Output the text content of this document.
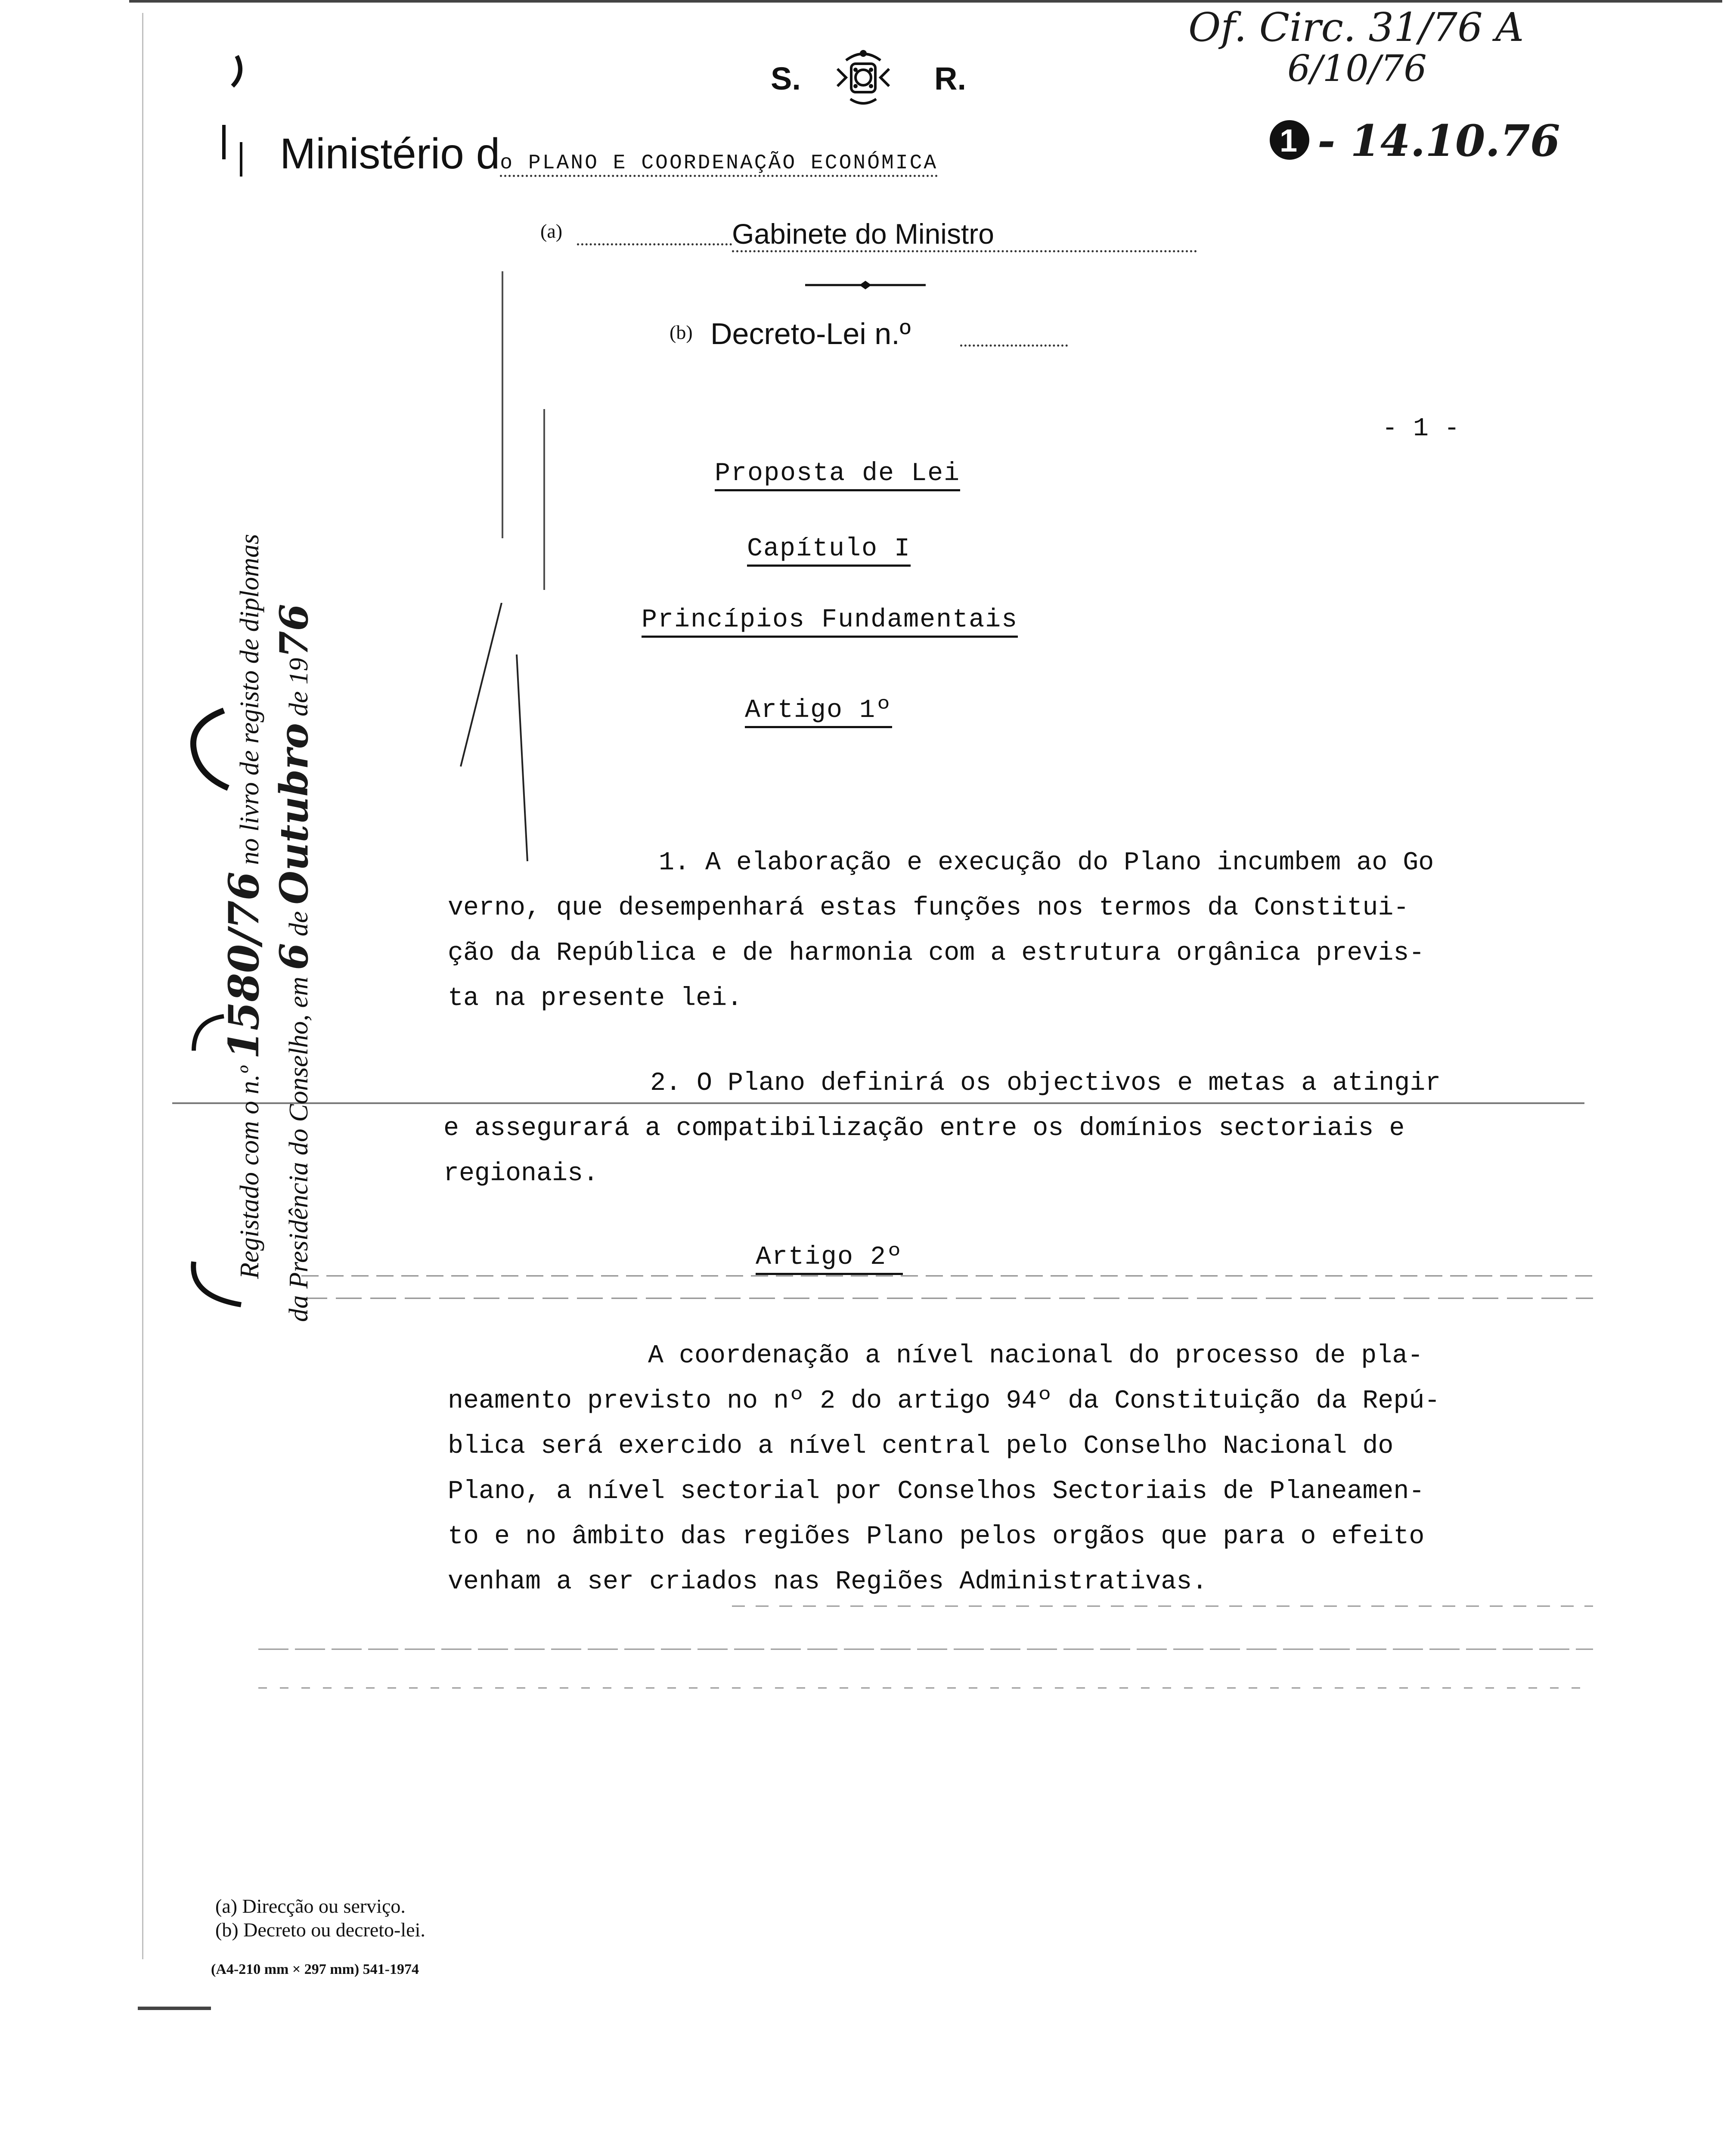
S.	R.
Ministério do PLANO E COORDENAÇÃO ECONÓMICA
(a)	Gabinete do Ministro
(b) Decreto-Lei n.º
Of. Circ. 31/76 A
6/10/76
1 - 14.10.76
- 1 -
Proposta de Lei
Capítulo I
Princípios Fundamentais
Artigo 1º
1. A elaboração e execução do Plano incumbem ao Go
verno, que desempenhará estas funções nos termos da Constitui-
ção da República e de harmonia com a estrutura orgânica previs-
ta na presente lei.
2. O Plano definirá os objectivos e metas a atingir
e assegurará a compatibilização entre os domínios sectoriais e
regionais.
Artigo 2º
A coordenação a nível nacional do processo de pla-
neamento previsto no nº 2 do artigo 94º da Constituição da Repú-
blica será exercido a nível central pelo Conselho Nacional do
Plano, a nível sectorial por Conselhos Sectoriais de Planeamen-
to e no âmbito das regiões Plano pelos orgãos que para o efeito
venham a ser criados nas Regiões Administrativas.
Registado com o n.º 1580/76 no livro de registo de diplomas
da Presidência do Conselho, em 6 de Outubro de 1976
(a) Direcção ou serviço.
(b) Decreto ou decreto-lei.
(A4-210 mm × 297 mm) 541-1974
